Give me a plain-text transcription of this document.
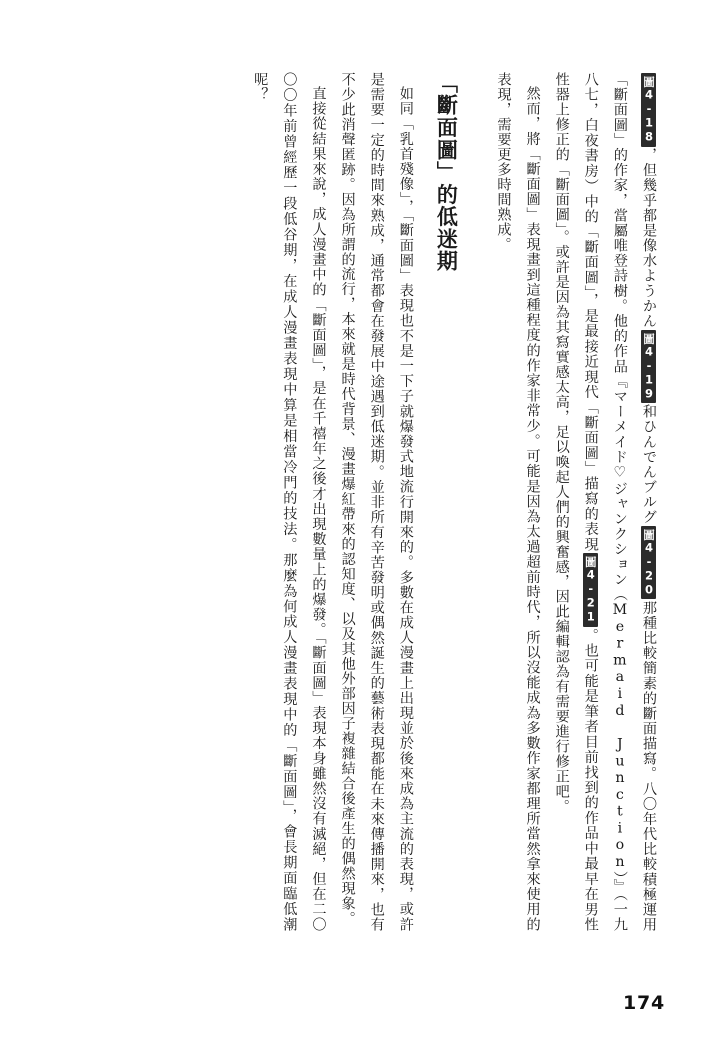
圖4-18，但幾乎都是像水ようかん圖4-19和ひんでんブルグ圖4-20那種比較簡素的斷面描寫。八〇年代比較積極運用「斷面圖」的作家，當屬唯登詩樹。他的作品『マーメイド♡ジャンクション（Mermaid Junction）』（一九八七，白夜書房）中的「斷面圖」，是最接近現代「斷面圖」描寫的表現圖4-21。也可能是筆者目前找到的作品中最早在男性性器上修正的「斷面圖」。或許是因為其寫實感太高，足以喚起人們的興奮感，因此編輯認為有需要進行修正吧。

然而，將「斷面圖」表現畫到這種程度的作家非常少。可能是因為太過超前時代，所以沒能成為多數作家都理所當然拿來使用的表現，需要更多時間熟成。

「斷面圖」的低迷期

如同「乳首殘像」，「斷面圖」表現也不是一下子就爆發式地流行開來的。多數在成人漫畫上出現並於後來成為主流的表現，或許是需要一定的時間來熟成，通常都會在發展中途遇到低迷期。並非所有辛苦發明或偶然誕生的藝術表現都能在未來傳播開來，也有不少此消聲匿跡。因為所謂的流行，本來就是時代背景、漫畫爆紅帶來的認知度、以及其他外部因子複雜結合後產生的偶然現象。

直接從結果來說，成人漫畫中的「斷面圖」，是在千禧年之後才出現數量上的爆發。「斷面圖」表現本身雖然沒有滅絕，但在二〇〇〇年前曾經歷一段低谷期，在成人漫畫表現中算是相當冷門的技法。那麼為何成人漫畫表現中的「斷面圖」，會長期面臨低潮呢？

174
